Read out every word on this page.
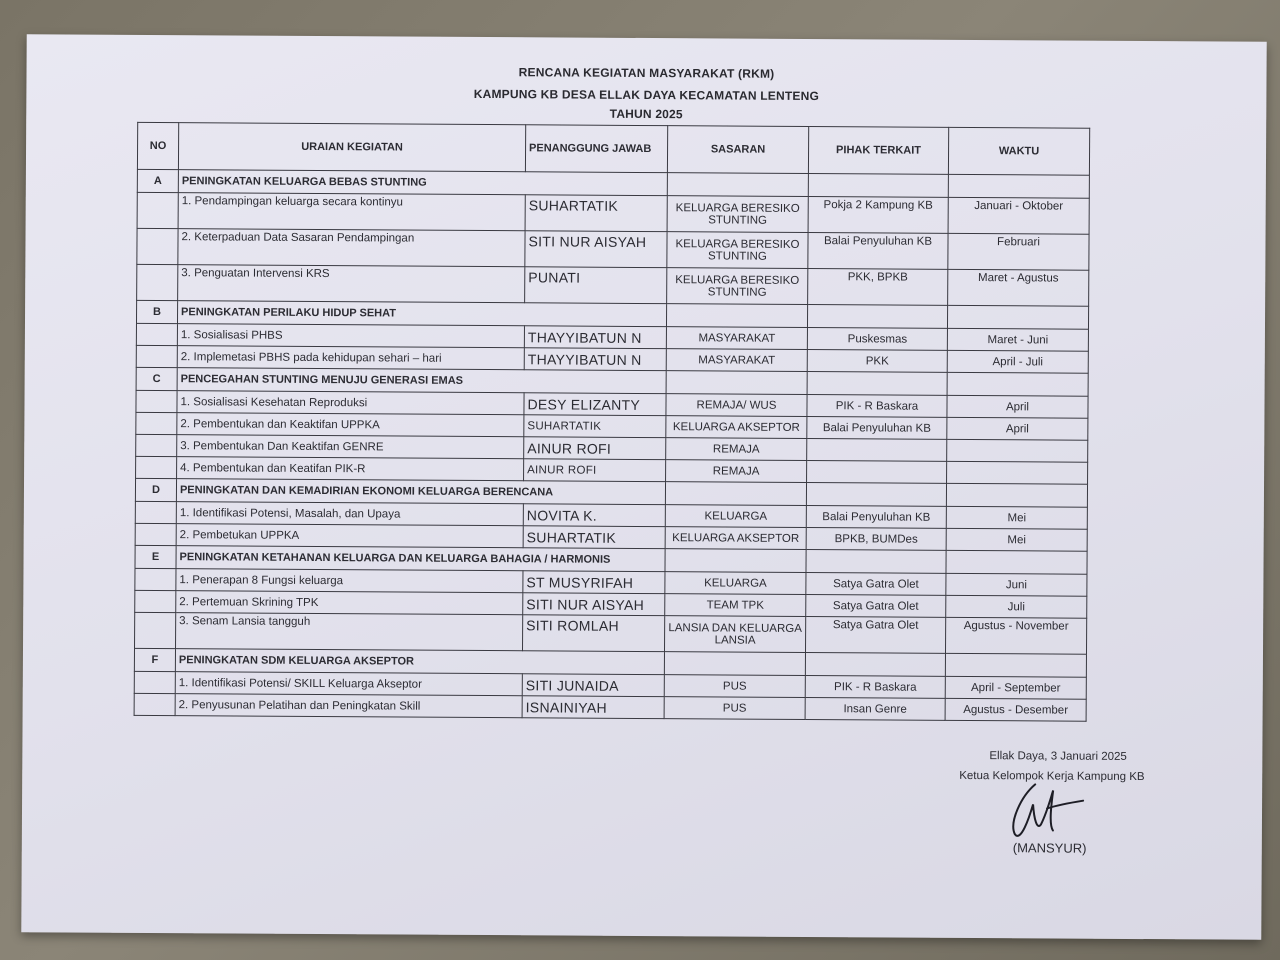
RENCANA KEGIATAN MASYARAKAT (RKM)
KAMPUNG KB DESA ELLAK DAYA KECAMATAN LENTENG
TAHUN 2025
NO	URAIAN KEGIATAN	PENANGGUNG JAWAB	SASARAN	PIHAK TERKAIT	WAKTU
A	PENINGKATAN KELUARGA BEBAS STUNTING				
	1. Pendampingan keluarga secara kontinyu	SUHARTATIK	KELUARGA BERESIKO STUNTING	Pokja 2 Kampung KB	Januari - Oktober
	2. Keterpaduan Data Sasaran Pendampingan	SITI NUR AISYAH	KELUARGA BERESIKO STUNTING	Balai Penyuluhan KB	Februari
	3. Penguatan Intervensi KRS	PUNATI	KELUARGA BERESIKO STUNTING	PKK, BPKB	Maret - Agustus
B	PENINGKATAN PERILAKU HIDUP SEHAT				
	1. Sosialisasi PHBS	THAYYIBATUN N	MASYARAKAT	Puskesmas	Maret - Juni
	2. Implemetasi PBHS pada kehidupan sehari – hari	THAYYIBATUN N	MASYARAKAT	PKK	April - Juli
C	PENCEGAHAN STUNTING MENUJU GENERASI EMAS				
	1. Sosialisasi Kesehatan Reproduksi	DESY ELIZANTY	REMAJA/ WUS	PIK - R Baskara	April
	2. Pembentukan dan Keaktifan UPPKA	SUHARTATIK	KELUARGA AKSEPTOR	Balai Penyuluhan KB	April
	3. Pembentukan Dan Keaktifan GENRE	AINUR ROFI	REMAJA		
	4. Pembentukan dan Keatifan PIK-R	AINUR ROFI	REMAJA		
D	PENINGKATAN DAN KEMADIRIAN EKONOMI KELUARGA BERENCANA				
	1. Identifikasi Potensi, Masalah, dan Upaya	NOVITA K.	KELUARGA	Balai Penyuluhan KB	Mei
	2. Pembetukan UPPKA	SUHARTATIK	KELUARGA AKSEPTOR	BPKB, BUMDes	Mei
E	PENINGKATAN KETAHANAN KELUARGA DAN KELUARGA BAHAGIA / HARMONIS				
	1. Penerapan 8 Fungsi keluarga	ST MUSYRIFAH	KELUARGA	Satya Gatra Olet	Juni
	2. Pertemuan Skrining TPK	SITI NUR AISYAH	TEAM TPK	Satya Gatra Olet	Juli
	3. Senam Lansia tangguh	SITI ROMLAH	LANSIA DAN KELUARGA LANSIA	Satya Gatra Olet	Agustus - November
F	PENINGKATAN SDM KELUARGA AKSEPTOR				
	1. Identifikasi Potensi/ SKILL Keluarga Akseptor	SITI JUNAIDA	PUS	PIK - R Baskara	April - September
	2. Penyusunan Pelatihan dan Peningkatan Skill	ISNAINIYAH	PUS	Insan Genre	Agustus - Desember
Ellak Daya, 3 Januari 2025
Ketua Kelompok Kerja Kampung KB
(MANSYUR)
